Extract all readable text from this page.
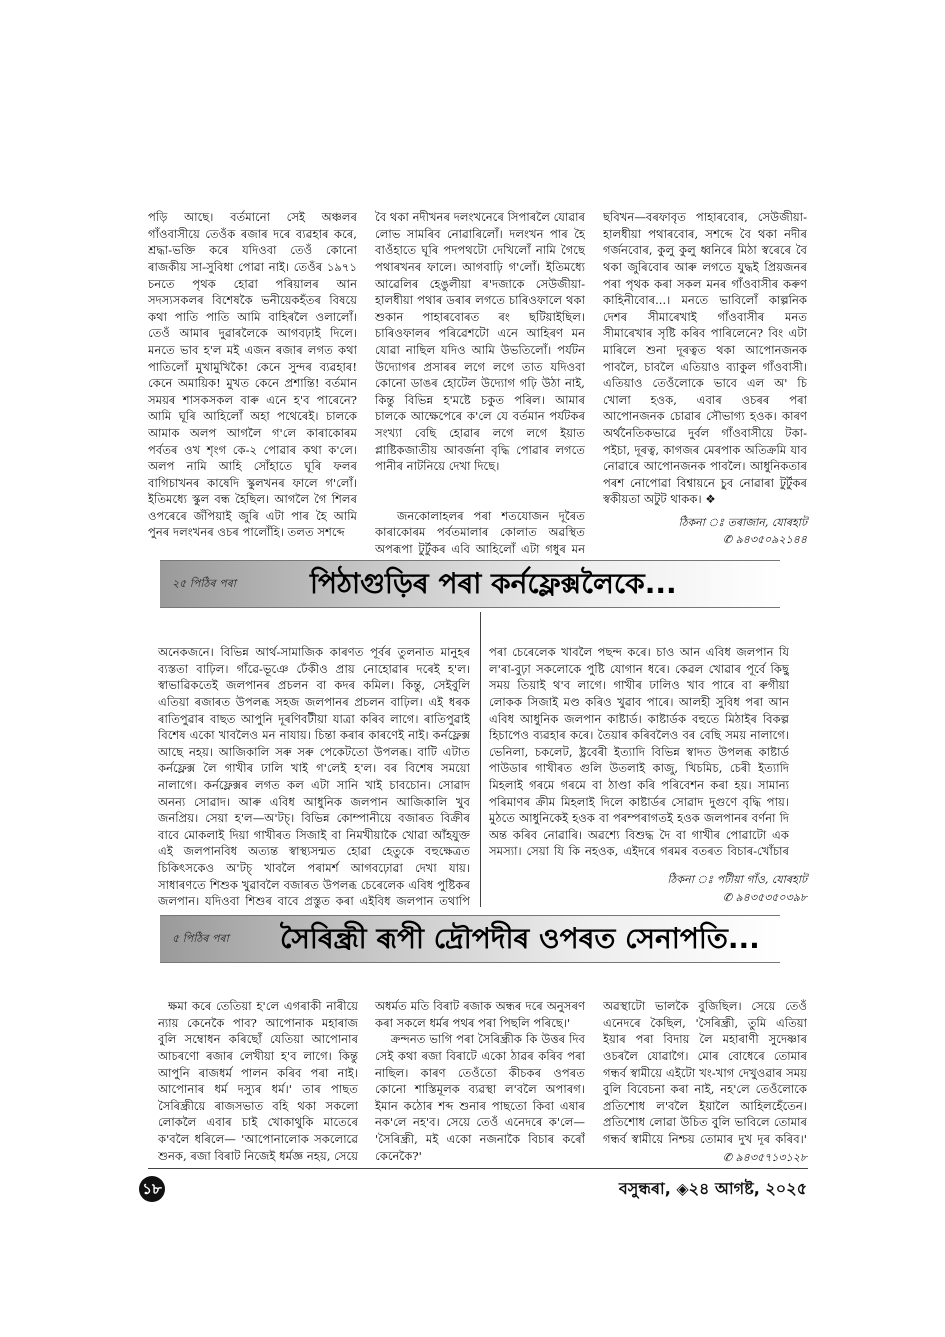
পড়ি আছে। বৰ্তমানো সেই অঞ্চলৰ গাঁওবাসীয়ে তেওঁক ৰজাৰ দৰে ব্যৱহাৰ কৰে, শ্ৰদ্ধা-ভক্তি কৰে যদিওবা তেওঁ কোনো ৰাজকীয় সা-সুবিধা পোৱা নাই। তেওঁৰ ১৯৭১ চনতে পৃথক হোৱা পৰিয়ালৰ আন সদস্যসকলৰ বিশেষকৈ ভনীয়েকহঁতৰ বিষয়ে কথা পাতি পাতি আমি বাহিৰলৈ ওলালোঁ। তেওঁ আমাৰ দুৱাৰলৈকে আগবঢ়াই দিলে। মনতে ভাব হ'ল মই এজন ৰজাৰ লগত কথা পাতিলোঁ মুখামুখিকৈ! কেনে সুন্দৰ ব্যৱহাৰ! কেনে অমায়িক! মুখত কেনে প্ৰশান্তি! বৰ্তমান সময়ৰ শাসকসকল বাৰু এনে হ'ব পাৰেনে? আমি ঘূৰি আহিলোঁ অহা পথেৰেই। চালকে আমাক অলপ আগলৈ গ'লে কাৰাকোৰম পৰ্বতৰ ওখ শৃংগ কে-২ পোৱাৰ কথা ক'লে। অলপ নামি আহি সোঁহাতে ঘূৰি ফলৰ বাগিচাখনৰ কাষেদি স্কুলখনৰ ফালে গ'লোঁ। ইতিমধ্যে স্কুল বন্ধ হৈছিল। আগলৈ গৈ শিলৰ ওপৰেৰে জঁপিয়াই জুৰি এটা পাৰ হৈ আমি পুনৰ দলংখনৰ ওচৰ পালোঁহি। তলত সশব্দে

বৈ থকা নদীখনৰ দলংখনেৰে সিপাৰলৈ যোৱাৰ লোভ সামৰিব নোৱাৰিলোঁ। দলংখন পাৰ হৈ বাওঁহাতে ঘূৰি পদপথটো দেখিলোঁ নামি গৈছে পথাৰখনৰ ফালে। আগবাঢ়ি গ'লোঁ। ইতিমধ্যে আৱেলিৰ হেঙুলীয়া ৰ'দজাকে সেউজীয়া-হালধীয়া পথাৰ ডৰাৰ লগতে চাৰিওফালে থকা শুকান পাহাৰবোৰত ৰং ছটিয়াইছিল। চাৰিওফালৰ পৰিৱেশটো এনে আহিৰণ মন যোৱা নাছিল যদিও আমি উভতিলোঁ। পৰ্যটন উদ্যোগৰ প্ৰসাৰৰ লগে লগে তাত যদিওবা কোনো ডাঙৰ হোটেল উদ্যোগ গঢ়ি উঠা নাই, কিন্তু বিভিন্ন হ'মষ্টে চকুত পৰিল। আমাৰ চালকে আক্ষেপেৰে ক'লে যে বৰ্তমান পৰ্যটকৰ সংখ্যা বেছি হোৱাৰ লগে লগে ইয়াত প্লাষ্টিকজাতীয় আবৰ্জনা বৃদ্ধি পোৱাৰ লগতে পানীৰ নাটনিয়ে দেখা দিছে।

জনকোলাহলৰ পৰা শতযোজন দূৰৈত কাৰাকোৰম পৰ্বতমালাৰ কোলাত অৱস্থিত অপৰূপা টুৰ্টুকৰ এবি আহিলোঁ এটা গধুৰ মন

ছবিখন—বৰফাবৃত পাহাৰবোৰ, সেউজীয়া-হালধীয়া পথাৰবোৰ, সশব্দে বৈ থকা নদীৰ গৰ্জনবোৰ, কুলু কুলু ধ্বনিৰে মিঠা স্বৰেৰে বৈ থকা জুৰিবোৰ আৰু লগতে যুদ্ধই প্ৰিয়জনৰ পৰা পৃথক কৰা সকল মনৰ গাঁওবাসীৰ কৰুণ কাহিনীবোৰ...। মনতে ভাবিলোঁ কাল্পনিক দেশৰ সীমাৰেখাই গাঁওবাসীৰ মনত সীমাৰেখাৰ সৃষ্টি কৰিব পাৰিলেনে? বিং এটা মাৰিলে শুনা দূৰত্বত থকা আপোনজনক পাবলৈ, চাবলৈ এতিয়াও ব্যাকুল গাঁওবাসী। এতিয়াও তেওঁলোকে ভাবে এল অ' চি খোলা হওক, এবাৰ ওচৰৰ পৰা আপোনজনক চোৱাৰ সৌভাগ্য হওক। কাৰণ অৰ্থনৈতিকভাৱে দুৰ্বল গাঁওবাসীয়ে টকা-পইচা, দূৰত্ব, কাগজৰ মেৰপাক অতিক্ৰমি যাব নোৱাৰে আপোনজনক পাবলৈ। আধুনিকতাৰ পৰশ নোপোৱা বিশ্বায়নে চুব নোৱাৰা টুৰ্টুকৰ স্বকীয়তা অটুট থাকক। ❖

ঠিকনা ঃ তৰাজান, যোৰহাট
✆ ৯৪৩৫০৯২১৪৪
২৫ পিঠিৰ পৰা	পিঠাগুড়িৰ পৰা কৰ্নফ্লেক্সলৈকে...

অনেকজনে। বিভিন্ন আৰ্থ-সামাজিক কাৰণত পূৰ্বৰ তুলনাত মানুহৰ ব্যস্ততা বাঢ়িল। গাঁৱে-ভূঞে ঢেঁকীও প্ৰায় নোহোৱাৰ দৰেই হ'ল। স্বাভাৱিকতেই জলপানৰ প্ৰচলন বা কদৰ কমিল। কিন্তু, সেইবুলি এতিয়া ৰজাৰত উপলব্ধ সহজ জলপানৰ প্ৰচলন বাঢ়িল। এই ধৰক ৰাতিপুৱাৰ বাছত আপুনি দূৰণিবটীয়া যাত্ৰা কৰিব লাগে। ৰাতিপুৱাই বিশেষ একো খাবলৈও মন নাযায়। চিন্তা কৰাৰ কাৰণেই নাই। কৰ্নফ্লেক্স আছে নহয়। আজিকালি সৰু সৰু পেকেটতো উপলব্ধ। বাটি এটাত কৰ্নফ্লেক্স লৈ গাখীৰ ঢালি খাই গ'লেই হ'ল। বৰ বিশেষ সময়ো নালাগে। কৰ্নফ্লেক্সৰ লগত কল এটা সানি খাই চাবচোন। সোৱাদ অনন্য সোৱাদ। আৰু এবিধ আধুনিক জলপান আজিকালি খুব জনপ্ৰিয়। সেয়া হ'ল—অ'টচ্। বিভিন্ন কোম্পানীয়ে বজাৰত বিক্ৰীৰ বাবে মোকলাই দিয়া গাখীৰত সিজাই বা নিমখীয়াকৈ খোৱা আঁহযুক্ত এই জলপানবিধ অত্যন্ত স্বাস্থ্যসন্মত হোৱা হেতুকে বহুক্ষেত্ৰত চিকিৎসকেও অ'টচ্ খাবলৈ পৰামৰ্শ আগবঢ়োৱা দেখা যায়। সাধাৰণতে শিশুক খুৱাবলৈ বজাৰত উপলব্ধ চেৰেলেক এবিধ পুষ্টিকৰ জলপান। যদিওবা শিশুৰ বাবে প্ৰস্তুত কৰা এইবিধ জলপান তথাপি

পৰা চেৰেলেক খাবলৈ পছন্দ কৰে। চাও আন এবিধ জলপান যি ল'ৰা-বুঢ়া সকলোকে পুষ্টি যোগান ধৰে। কেৱল খোৱাৰ পূৰ্বে কিছু সময় তিয়াই থ'ব লাগে। গাখীৰ ঢালিও খাব পাৰে বা ৰুগীয়া লোকক সিজাই মণ্ড কৰিও খুৱাব পাৰে। আলহী সুবিধ পৰা আন এবিধ আধুনিক জলপান কাষ্টাৰ্ড। কাষ্টাৰ্ডক বহুতে মিঠাইৰ বিকল্প হিচাপেও ব্যৱহাৰ কৰে। তৈয়াৰ কৰিবলৈও বৰ বেছি সময় নালাগে। ভেনিলা, চকলেট, ষ্ট্ৰবেৰী ইত্যাদি বিভিন্ন স্বাদত উপলব্ধ কাষ্টাৰ্ড পাউডাৰ গাখীৰত গুলি উতলাই কাজু, খিচমিচ, চেৰী ইত্যাদি মিহলাই গৰমে গৰমে বা ঠাণ্ডা কৰি পৰিবেশন কৰা হয়। সামান্য পৰিমাণৰ ক্ৰীম মিহলাই দিলে কাষ্টাৰ্ডৰ সোৱাদ দুগুণে বৃদ্ধি পায়। মুঠতে আধুনিকেই হওক বা পৰম্পৰাগতই হওক জলপানৰ বৰ্ণনা দি অন্ত কৰিব নোৱাৰি। অৱশ্যে বিশুদ্ধ দৈ বা গাখীৰ পোৱাটো এক সমস্যা। সেয়া যি কি নহওক, এইদৰে গৰমৰ বতৰত বিচাৰ-খোঁচাৰ

ঠিকনা ঃ পটীয়া গাঁও, যোৰহাট
✆ ৯৪৩৫৩৫০৩৯৮
৫ পিঠিৰ পৰা সৈৰিন্ধ্ৰী ৰূপী দ্ৰৌপদীৰ ওপৰত সেনাপতি...

ক্ষমা কৰে তেতিয়া হ'লে এগৰাকী নাৰীয়ে ন্যায় কেনেকৈ পাব? আপোনাক মহাৰাজ বুলি সম্বোধন কৰিছোঁ যেতিয়া আপোনাৰ আচৰণো ৰজাৰ লেখীয়া হ'ব লাগে। কিন্তু আপুনি ৰাজধৰ্ম পালন কৰিব পৰা নাই। আপোনাৰ ধৰ্ম দস্যুৰ ধৰ্ম।' তাৰ পাছত সৈৰিন্ধ্ৰীয়ে ৰাজসভাত বহি থকা সকলো লোকলৈ এবাৰ চাই খোকাথুকি মাতেৰে ক'বলৈ ধৰিলে— 'আপোনালোক সকলোৱে শুনক, ৰজা বিৰাট নিজেই ধৰ্মজ্ঞ নহয়, সেয়ে

অধৰ্মত মতি বিৰাট ৰজাক অন্ধৰ দৰে অনুসৰণ কৰা সকলে ধৰ্মৰ পথৰ পৰা পিছলি পৰিছে।'
ক্ৰন্দনত ভাগি পৰা সৈৰিন্ধ্ৰীক কি উত্তৰ দিব সেই কথা ৰজা বিৰাটে একো ঠাৱৰ কৰিব পৰা নাছিল। কাৰণ তেওঁতো কীচকৰ ওপৰত কোনো শাস্তিমূলক ব্যৱস্থা ল'বলৈ অপাৰগ। ইমান কঠোৰ শব্দ শুনাৰ পাছতো কিবা এষাৰ নক'লে নহ'ব। সেয়ে তেওঁ এনেদৰে ক'লে— 'সৈৰিন্ধ্ৰী, মই একো নজনাকৈ বিচাৰ কৰোঁ কেনেকৈ?'

অৱস্থাটো ভালকৈ বুজিছিল। সেয়ে তেওঁ এনেদৰে কৈছিল, 'সৈৰিন্ধ্ৰী, তুমি এতিয়া ইয়াৰ পৰা বিদায় লৈ মহাৰাণী সুদেষ্ণাৰ ওচৰলৈ যোৱাগৈ। মোৰ বোধেৰে তোমাৰ গন্ধৰ্ব স্বামীয়ে এইটো খং-খাগ দেখুওৱাৰ সময় বুলি বিবেচনা কৰা নাই, নহ'লে তেওঁলোকে প্ৰতিশোধ ল'বলৈ ইয়ালৈ আহিলহেঁতেন। প্ৰতিশোধ লোৱা উচিত বুলি ভাবিলে তোমাৰ গন্ধৰ্ব স্বামীয়ে নিশ্চয় তোমাৰ দুখ দূৰ কৰিব।'

✆ ৯৪৩৫৭১৩১২৮
১৮	বসুন্ধৰা, ◈২৪ আগষ্ট, ২০২৫
